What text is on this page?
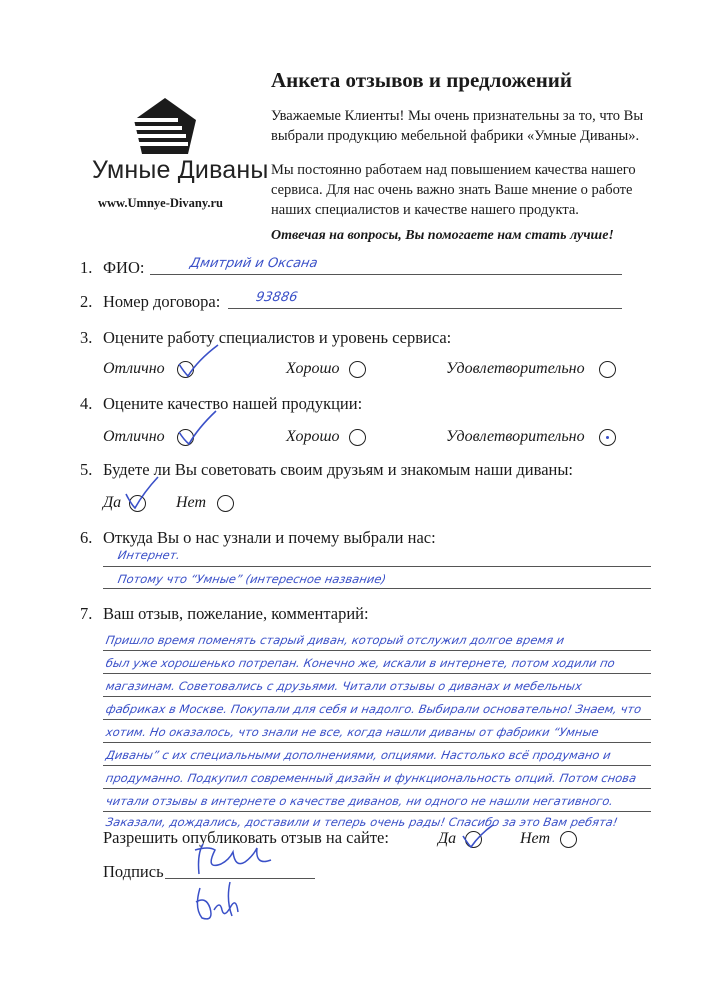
Умные Диваны
www.Umnye-Divany.ru
Анкета отзывов и предложений
Уважаемые Клиенты! Мы очень признательны за то, что Вы выбрали продукцию мебельной фабрики «Умные Диваны».
Мы постоянно работаем над повышением качества нашего сервиса. Для нас очень важно знать Ваше мнение о работе наших специалистов и качестве нашего продукта.
Отвечая на вопросы, Вы помогаете нам стать лучше!
1. ФИО:	Дмитрий и Оксана
2. Номер договора:	93886
3. Оцените работу специалистов и уровень сервиса:
Отлично	Хорошо	Удовлетворительно
4. Оцените качество нашей продукции:
Отлично	Хорошо	Удовлетворительно
5. Будете ли Вы советовать своим друзьям и знакомым наши диваны:
Да	Нет
6. Откуда Вы о нас узнали и почему выбрали нас:
Интернет.
Потому что “Умные” (интересное название)
7. Ваш отзыв, пожелание, комментарий:
Пришло время поменять старый диван, который отслужил долгое время и
был уже хорошенько потрепан. Конечно же, искали в интернете, потом ходили по
магазинам. Советовались с друзьями. Читали отзывы о диванах и мебельных
фабриках в Москве. Покупали для себя и надолго. Выбирали основательно! Знаем, что
хотим. Но оказалось, что знали не все, когда нашли диваны от фабрики “Умные
Диваны” с их специальными дополнениями, опциями. Настолько всё продумано и
продуманно. Подкупил современный дизайн и функциональность опций. Потом снова
читали отзывы в интернете о качестве диванов, ни одного не нашли негативного.
Заказали, дождались, доставили и теперь очень рады! Спасибо за это Вам ребята!
Разрешить опубликовать отзыв на сайте:	Да	Нет
Подпись
